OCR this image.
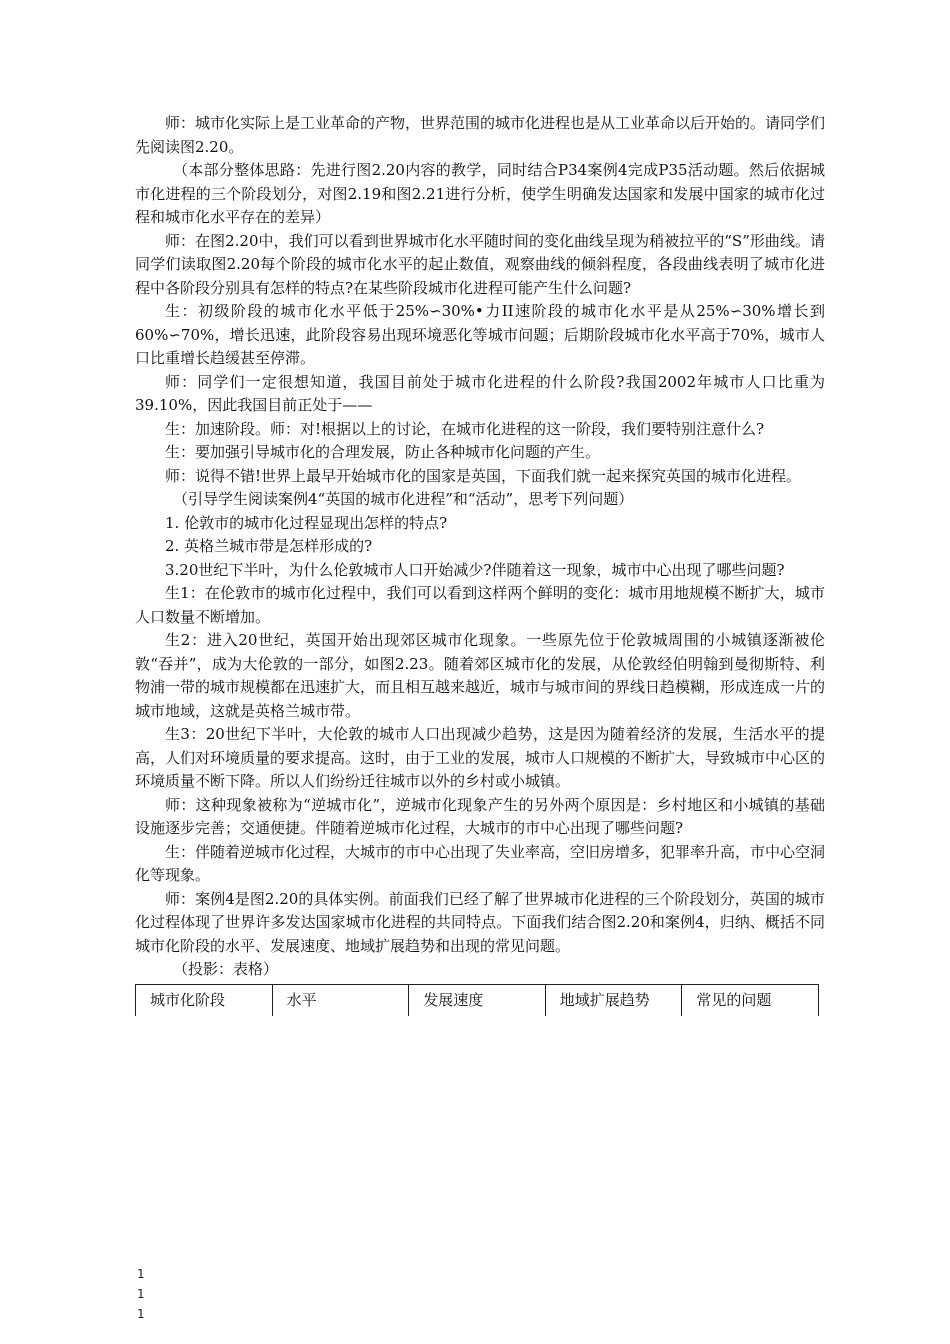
师：城市化实际上是工业革命的产物，世界范围的城市化进程也是从工业革命以后开始的。请同学们先阅读图2.20。

（本部分整体思路：先进行图2.20内容的教学，同时结合P34案例4完成P35活动题。然后依据城市化进程的三个阶段划分，对图2.19和图2.21进行分析，使学生明确发达国家和发展中国家的城市化过程和城市化水平存在的差异）

师：在图2.20中，我们可以看到世界城市化水平随时间的变化曲线呈现为稍被拉平的“S”形曲线。请同学们读取图2.20每个阶段的城市化水平的起止数值，观察曲线的倾斜程度，各段曲线表明了城市化进程中各阶段分别具有怎样的特点?在某些阶段城市化进程可能产生什么问题?

生：初级阶段的城市化水平低于25%∽30%•力II速阶段的城市化水平是从25%∽30%增长到60%∽70%，增长迅速，此阶段容易出现环境恶化等城市问题；后期阶段城市化水平高于70%，城市人口比重增长趋缓甚至停滞。

师：同学们一定很想知道，我国目前处于城市化进程的什么阶段?我国2002年城市人口比重为39.10%，因此我国目前正处于——

生：加速阶段。师：对!根据以上的讨论，在城市化进程的这一阶段，我们要特别注意什么?

生：要加强引导城市化的合理发展，防止各种城市化问题的产生。

师：说得不错!世界上最早开始城市化的国家是英国，下面我们就一起来探究英国的城市化进程。

（引导学生阅读案例4“英国的城市化进程”和“活动”，思考下列问题）

1. 伦敦市的城市化过程显现出怎样的特点?

2. 英格兰城市带是怎样形成的?

3.20世纪下半叶，为什么伦敦城市人口开始减少?伴随着这一现象，城市中心出现了哪些问题?

生1：在伦敦市的城市化过程中，我们可以看到这样两个鲜明的变化：城市用地规模不断扩大，城市人口数量不断增加。

生2：进入20世纪，英国开始出现郊区城市化现象。一些原先位于伦敦城周围的小城镇逐渐被伦敦“吞并”，成为大伦敦的一部分，如图2.23。随着郊区城市化的发展，从伦敦经伯明翰到曼彻斯特、利物浦一带的城市规模都在迅速扩大，而且相互越来越近，城市与城市间的界线日趋模糊，形成连成一片的城市地域，这就是英格兰城市带。

生3：20世纪下半叶，大伦敦的城市人口出现减少趋势，这是因为随着经济的发展，生活水平的提高，人们对环境质量的要求提高。这时，由于工业的发展，城市人口规模的不断扩大，导致城市中心区的环境质量不断下降。所以人们纷纷迁往城市以外的乡村或小城镇。

师：这种现象被称为“逆城市化”，逆城市化现象产生的另外两个原因是：乡村地区和小城镇的基础设施逐步完善；交通便捷。伴随着逆城市化过程，大城市的市中心出现了哪些问题?

生：伴随着逆城市化过程，大城市的市中心出现了失业率高，空旧房增多，犯罪率升高，市中心空洞化等现象。

师：案例4是图2.20的具体实例。前面我们已经了解了世界城市化进程的三个阶段划分，英国的城市化过程体现了世界许多发达国家城市化进程的共同特点。下面我们结合图2.20和案例4，归纳、概括不同城市化阶段的水平、发展速度、地域扩展趋势和出现的常见问题。

（投影：表格）

城市化阶段	水平	发展速度	地域扩展趋势	常见的问题
1
1
1
